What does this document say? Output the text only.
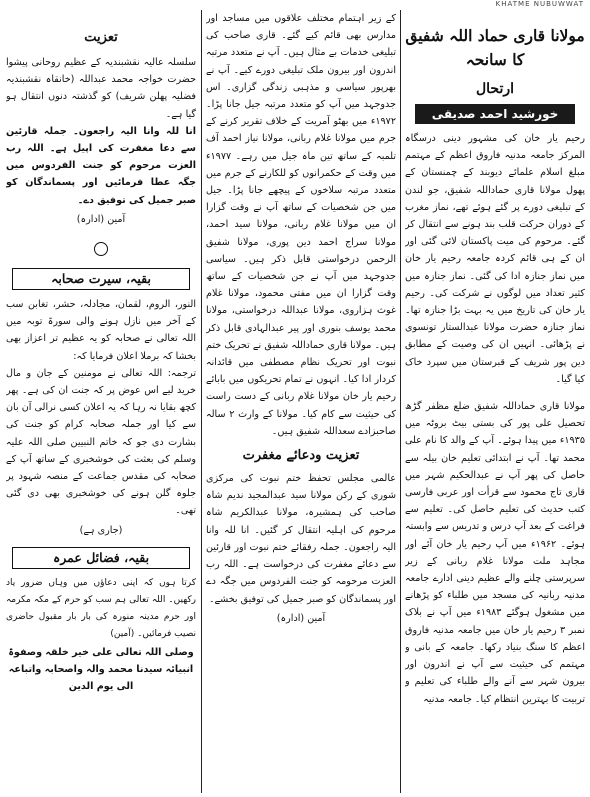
KHATME NUBUWWAT
مولانا قاری حماد اللہ شفیق کا سانحہ
ارتحال
خورشید احمد صدیقی

رحیم یار خان کی مشہور دینی درسگاہ المرکز جامعہ مدنیہ فاروق اعظم کے مہتمم مبلغ اسلام علمائے دیوبند کے چمنستان کے پھول مولانا قاری حماداللہ شفیق، جو لندن کے تبلیغی دورے پر گئے ہوئے تھے، نماز مغرب کے دوران حرکت قلب بند ہونے سے انتقال کر گئے۔ مرحوم کی میت پاکستان لائی گئی اور ان کے ہی قائم کردہ جامعہ رحیم یار خان میں نماز جنازہ ادا کی گئی۔ نماز جنازہ میں کثیر تعداد میں لوگوں نے شرکت کی۔ رحیم یار خان کی تاریخ میں یہ بہت بڑا جنازہ تھا۔ نماز جنازہ حضرت مولانا عبدالستار تونسوی نے پڑھائی۔ انہیں ان کی وصیت کے مطابق دین پور شریف کے قبرستان میں سپرد خاک کیا گیا۔

مولانا قاری حماداللہ شفیق ضلع مظفر گڑھ تحصیل علی پور کی بستی بیٹ بروٹہ میں ۱۹۳۵ء میں پیدا ہوئے۔ آپ کے والد کا نام علی محمد تھا۔ آپ نے ابتدائی تعلیم خان بیلہ سے حاصل کی پھر آپ نے عبدالحکیم شہر میں قاری تاج محمود سے قرأت اور عربی فارسی کتب حدیث کی تعلیم حاصل کی۔ تعلیم سے فراغت کے بعد آپ درس و تدریس سے وابستہ ہوئے۔ ۱۹۶۲ء میں آپ رحیم یار خان آئے اور مجاہد ملت مولانا غلام ربانی کے زیر سرپرستی چلنے والے عظیم دینی ادارے جامعہ مدنیہ ربانیہ کی مسجد میں طلباء کو پڑھانے میں مشغول ہوگئے ۱۹۸۳ء میں آپ نے بلاک نمبر ۳ رحیم یار خان میں جامعہ مدنیہ فاروق اعظم کا سنگ بنیاد رکھا۔ جامعہ کے بانی و مہتمم کی حیثیت سے آپ نے اندرون اور بیرون شہر سے آنے والے طلباء کی تعلیم و تربیت کا بہترین انتظام کیا۔ جامعہ مدنیہ

کے زیر اہتمام مختلف علاقوں میں مساجد اور مدارس بھی قائم کیے گئے۔ قاری صاحب کی تبلیغی خدمات بے مثال ہیں۔ آپ نے متعدد مرتبہ اندرون اور بیرون ملک تبلیغی دورے کیے۔ آپ نے بھرپور سیاسی و مذہبی زندگی گزاری۔ اس جدوجہد میں آپ کو متعدد مرتبہ جیل جانا پڑا۔ ۱۹۷۲ء میں بھٹو آمریت کے خلاف تقریر کرنے کے جرم میں مولانا غلام ربانی، مولانا نیاز احمد آف تلمبہ کے ساتھ تین ماہ جیل میں رہے۔ ۱۹۷۷ء میں وقت کے حکمرانوں کو للکارنے کے جرم میں متعدد مرتبہ سلاخوں کے پیچھے جانا پڑا۔ جیل میں جن شخصیات کے ساتھ آپ نے وقت گزارا ان میں مولانا غلام ربانی، مولانا سید احمد، مولانا سراج احمد دین پوری، مولانا شفیق الرحمن درخواستی قابل ذکر ہیں۔ سیاسی جدوجہد میں آپ نے جن شخصیات کے ساتھ وقت گزارا ان میں مفتی محمود، مولانا غلام غوث ہزاروی، مولانا عبداللہ درخواستی، مولانا محمد یوسف بنوری اور پیر عبدالہادی قابل ذکر ہیں۔ مولانا قاری حماداللہ شفیق نے تحریک ختم نبوت اور تحریک نظام مصطفی میں قائدانہ کردار ادا کیا۔ انہوں نے تمام تحریکوں میں بابائے رحیم یار خان مولانا غلام ربانی کے دست راست کی حیثیت سے کام کیا۔ مولانا کے وارث ۲ سالہ صاحبزادے سعداللہ شفیق ہیں۔

تعزیت ودعائے مغفرت

عالمی مجلس تحفظ ختم نبوت کی مرکزی شوری کے رکن مولانا سید عبدالمجید ندیم شاہ صاحب کی ہمشیرہ، مولانا عبدالکریم شاہ مرحوم کی اہلیہ انتقال کر گئیں۔ انا للہ وانا الیہ راجعون۔ جملہ رفقائے ختم نبوت اور قارئین سے دعائے مغفرت کی درخواست ہے۔ اللہ رب العزت مرحومہ کو جنت الفردوس میں جگہ دے اور پسماندگان کو صبر جمیل کی توفیق بخشے۔

آمین (ادارہ)
تعزیت

سلسلہ عالیہ نقشبندیہ کے عظیم روحانی پیشوا حضرت خواجہ محمد عبداللہ (خانقاہ نقشبندیہ فضلیہ پھلن شریف) کو گذشتہ دنوں انتقال ہو گیا ہے۔

انا للہ وانا الیہ راجعون۔ جملہ قارئین سے دعا مغفرت کی اپیل ہے۔ اللہ رب العزت مرحوم کو جنت الفردوس میں جگہ عطا فرمائیں اور پسماندگان کو صبر جمیل کی توفیق دے۔

آمین (ادارہ)
بقیہ، سیرت صحابہ

النور، الروم، لقمان، مجادلہ، حشر، تغابن سب کے آخر میں نازل ہونے والی سورۃ توبہ میں اللہ تعالی نے صحابہ کو یہ عظیم تر اعزاز بھی بخشا کہ برملا اعلان فرمایا کہ:

ترجمہ: اللہ تعالی نے مومنین کے جان و مال خرید لیے اس عوض پر کہ جنت ان کی ہے۔ پھر کچھ بقایا نہ رہا کہ یہ اعلان کسی نرالی آن بان سے کیا اور جملہ صحابہ کرام کو جنت کی بشارت دی جو کہ خاتم النبیین صلی اللہ علیہ وسلم کی بعثت کی خوشخبری کے ساتھ آپ کے صحابہ کی مقدس جماعت کے منصہ شہود پر جلوہ گلن ہونے کی خوشخبری بھی دی گئی تھی۔

(جاری ہے)
بقیہ، فضائل عمرہ

کرتا ہوں کہ اپنی دعاؤں میں وہاں ضرور یاد رکھیں۔ اللہ تعالی ہم سب کو حرم کے مکہ مکرمہ اور حرم مدینہ منورہ کی بار بار مقبول حاضری نصیب فرمائیں۔ (آمین)

وصلی اللہ تعالی علی خیر خلقہ وصفوۃ انبیائہ سیدنا محمد والہ واصحابہ واتباعہ الی یوم الدین
